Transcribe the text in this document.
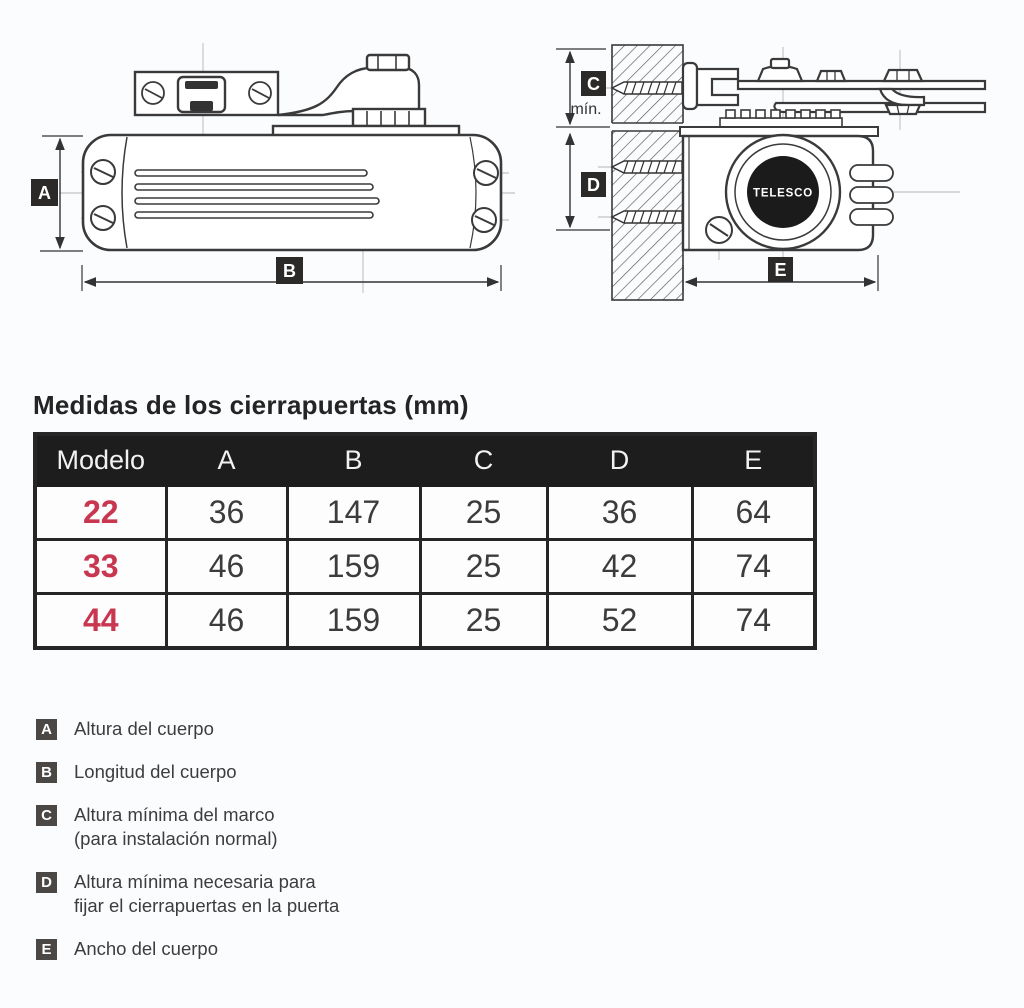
A
B
TELESCO
C
mín.
D
E
Medidas de los cierrapuertas (mm)
Modelo	A	B	C	D	E
22	36	147	25	36	64
33	46	159	25	42	74
44	46	159	25	52	74
A Altura del cuerpo
B Longitud del cuerpo
C Altura mínima del marco
(para instalación normal)
D Altura mínima necesaria para
fijar el cierrapuertas en la puerta
E Ancho del cuerpo
